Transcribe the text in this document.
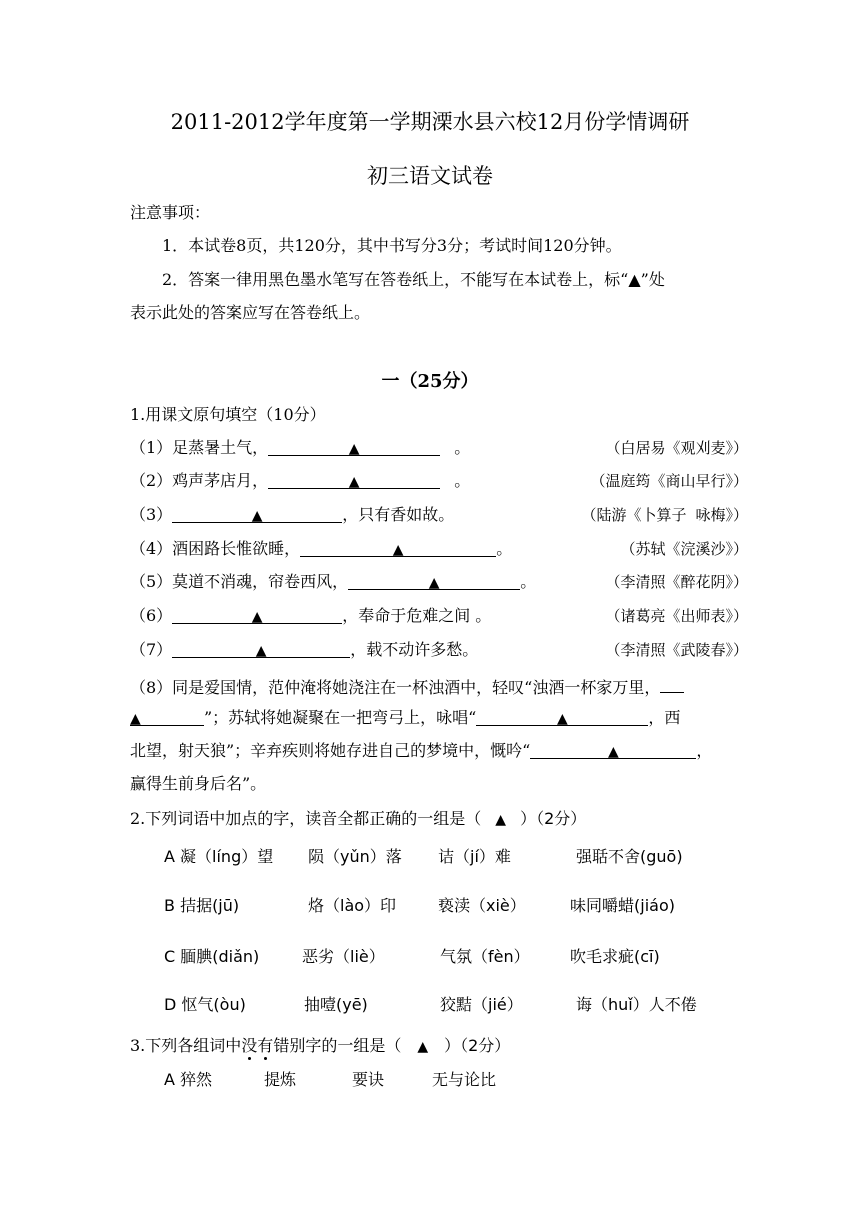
2011-2012学年度第一学期溧水县六校12月份学情调研
初三语文试卷
注意事项：
1．本试卷8页，共120分，其中书写分3分；考试时间120分钟。
2．答案一律用黑色墨水笔写在答卷纸上，不能写在本试卷上，标“▲”处
表示此处的答案应写在答卷纸上。
一（25分）
1.用课文原句填空（10分）
（1）足蒸暑土气，	▲	。	（白居易《观刈麦》）
（2）鸡声茅店月，	▲	。	（温庭筠《商山早行》）
（3）	▲	，只有香如故。	（陆游《卜算子 咏梅》）
（4）酒困路长惟欲睡，	▲	。	（苏轼《浣溪沙》）
（5）莫道不消魂，帘卷西风，	▲	。	（李清照《醉花阴》）
（6）	▲	，奉命于危难之间 。	（诸葛亮《出师表》）
（7）	▲	，载不动许多愁。	（李清照《武陵春》）
（8）同是爱国情，范仲淹将她浇注在一杯浊酒中，轻叹“浊酒一杯家万里，
▲	”；苏轼将她凝聚在一把弯弓上，咏唱“	▲	，西
北望，射天狼”；辛弃疾则将她存进自己的梦境中，慨吟“	▲	，
赢得生前身后名”。
2.下列词语中加点的字，读音全都正确的一组是（ ▲ ）（2分）
A 凝（líng）望 陨（yǔn）落 诘（jí）难	强聒不舍(guō)
B 拮据(jū)	烙（lào）印	亵渎（xiè）	味同嚼蜡(jiáo)
C 腼腆(diǎn)	恶劣（liè）	气氛（fèn）	吹毛求疵(cī)
D 怄气(òu)	抽噎(yē)	狡黠（jié）	诲（huǐ）人不倦
3.下列各组词中没有错别字的一组是（ ▲ ）（2分）
A 猝然	提炼	要诀	无与论比
